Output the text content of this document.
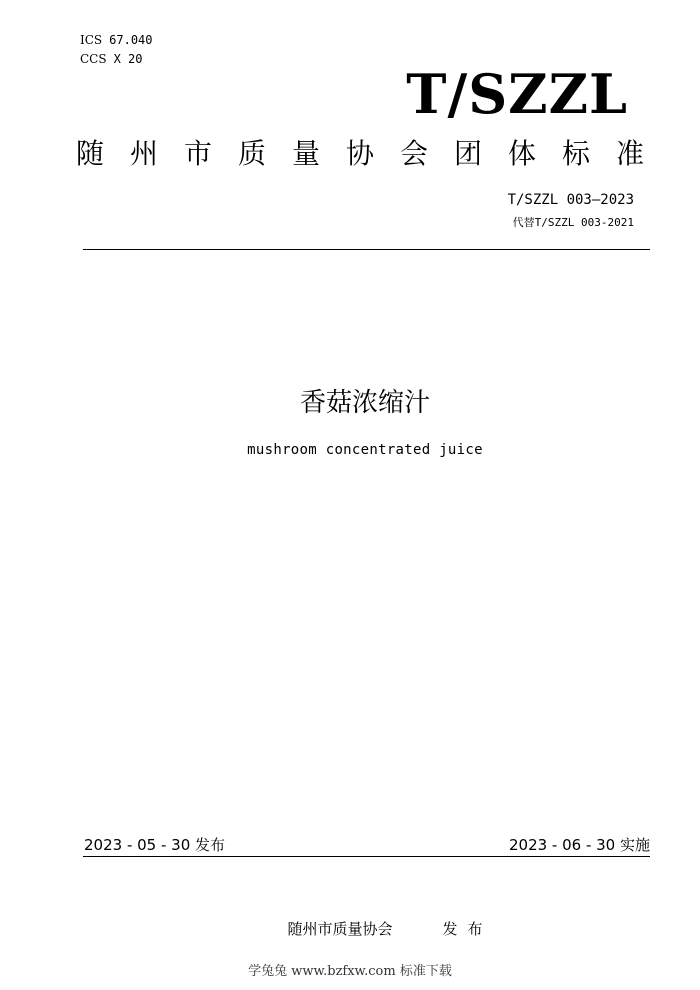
ICS 67.040
CCS X 20
T/SZZL
随州市质量协会团体标准
T/SZZL 003—2023
代替T/SZZL 003-2021
香菇浓缩汁
mushroom concentrated juice
2023 - 05 - 30 发布	2023 - 06 - 30 实施
随州市质量协会	发布
学兔兔 www.bzfxw.com 标准下载
